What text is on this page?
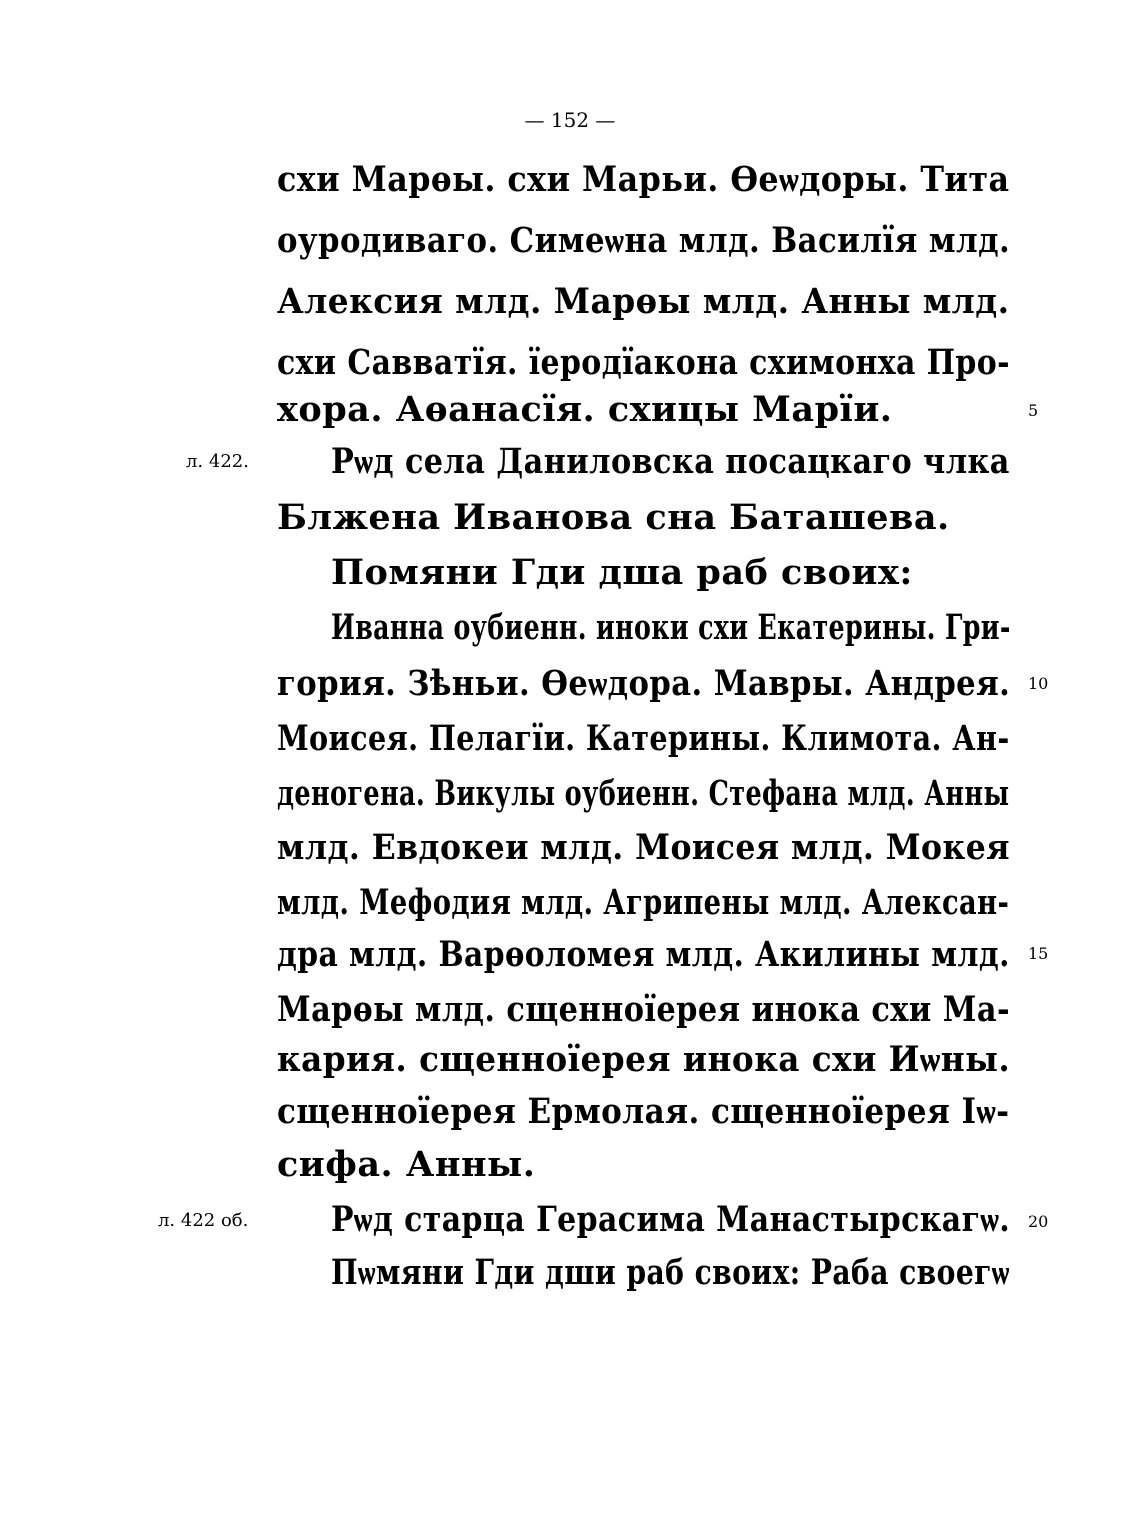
— 152 —
схи Марѳы. схи Марьи. Ѳеѡдоры. Тита
оуродиваго. Симеѡна млд. Василїя млд.
Алексия млд. Марѳы млд. Анны млд.
схи Савватїя. їеродїакона схимонха Про-
хора. Аѳанасїя. схицы Марїи.
Рѡд села Даниловска посацкаго члка
Блжена Иванова сна Баташева.
Помяни Гди дша раб своих:
Иванна оубиенн. иноки схи Екатерины. Гри-
гория. Зѣньи. Ѳеѡдора. Мавры. Андрея.
Моисея. Пелагїи. Катерины. Климота. Ан-
деногена. Викулы оубиенн. Стефана млд. Анны
млд. Евдокеи млд. Моисея млд. Мокея
млд. Мефодия млд. Агрипены млд. Алексан-
дра млд. Варѳоломея млд. Акилины млд.
Марѳы млд. сщенноїерея инока схи Ма-
кария. сщенноїерея инока схи Иѡны.
сщенноїерея Ермолая. сщенноїерея Іѡ-
сифа. Анны.
Рѡд старца Герасима Манастырскагѡ.
Пѡмяни Гди дши раб своих: Раба своегѡ
л. 422.
л. 422 об.
5
10
15
20
